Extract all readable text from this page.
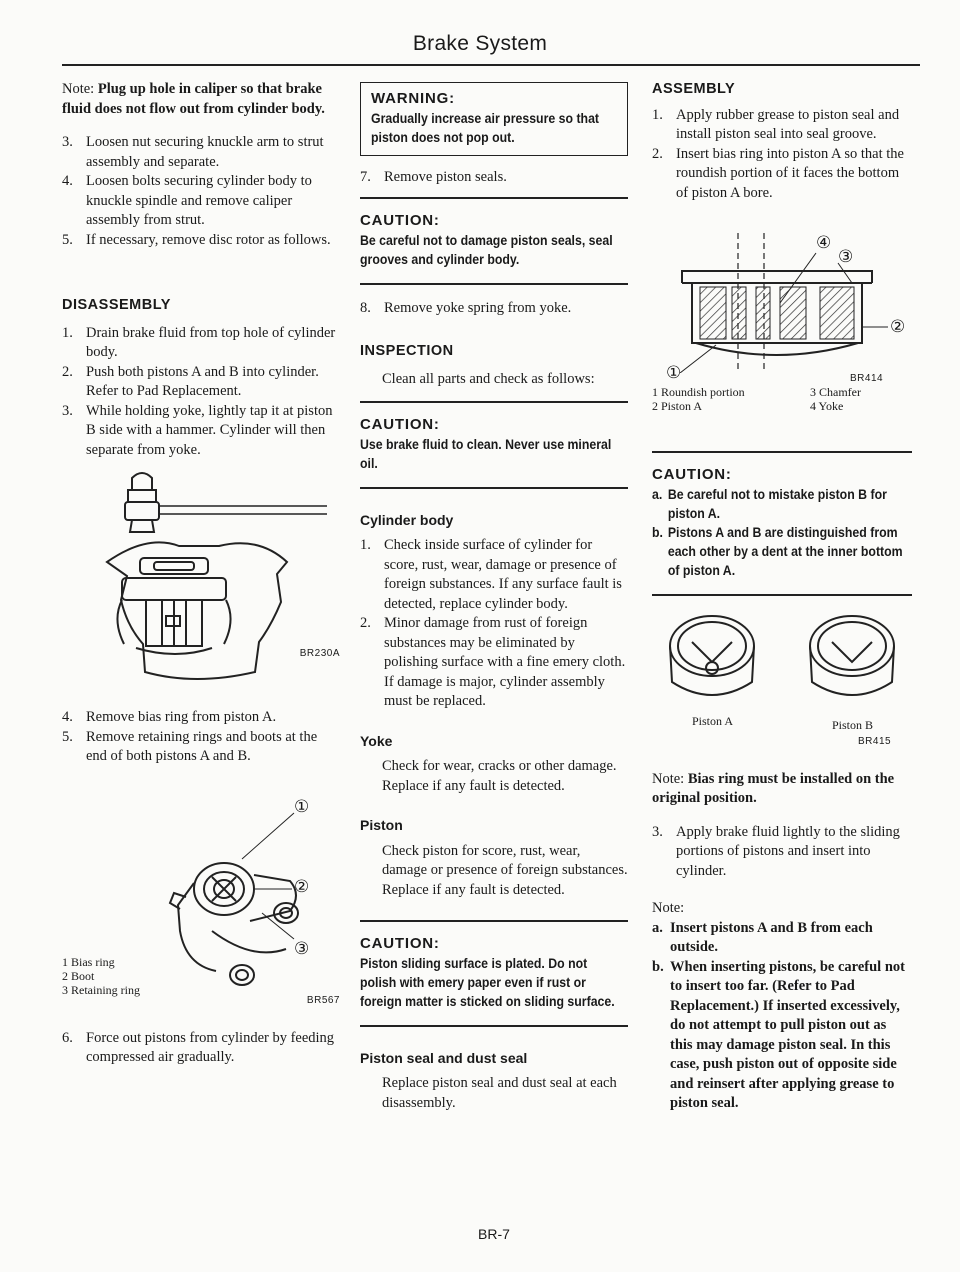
Brake System

Note: Plug up hole in caliper so that brake fluid does not flow out from cylinder body.

3. Loosen nut securing knuckle arm to strut assembly and separate.
4. Loosen bolts securing cylinder body to knuckle spindle and remove caliper assembly from strut.
5. If necessary, remove disc rotor as follows.
DISASSEMBLY
1. Drain brake fluid from top hole of cylinder body.
2. Push both pistons A and B into cylinder. Refer to Pad Replacement.
3. While holding yoke, lightly tap it at piston B side with a hammer. Cylinder will then separate from yoke.
BR230A
4. Remove bias ring from piston A.
5. Remove retaining rings and boots at the end of both pistons A and B.
①
②
③
1 Bias ring
2 Boot
3 Retaining ring
BR567
6. Force out pistons from cylinder by feeding compressed air gradually.
WARNING:
Gradually increase air pressure so that piston does not pop out.
7. Remove piston seals.
CAUTION:
Be careful not to damage piston seals, seal grooves and cylinder body.
8. Remove yoke spring from yoke.
INSPECTION

Clean all parts and check as follows:

CAUTION:
Use brake fluid to clean. Never use mineral oil.
Cylinder body
1. Check inside surface of cylinder for score, rust, wear, damage or presence of foreign substances. If any surface fault is detected, replace cylinder body.
2. Minor damage from rust of foreign substances may be eliminated by polishing surface with a fine emery cloth. If damage is major, cylinder assembly must be replaced.
Yoke

Check for wear, cracks or other damage. Replace if any fault is detected.

Piston

Check piston for score, rust, wear, damage or presence of foreign substances. Replace if any fault is detected.

CAUTION:
Piston sliding surface is plated. Do not polish with emery paper even if rust or foreign matter is sticked on sliding surface.
Piston seal and dust seal

Replace piston seal and dust seal at each disassembly.

ASSEMBLY
1. Apply rubber grease to piston seal and install piston seal into seal groove.
2. Insert bias ring into piston A so that the roundish portion of it faces the bottom of piston A bore.
④
③
②
①	BR414
1 Roundish portion
2 Piston A
3 Chamfer
4 Yoke
CAUTION:
a. Be careful not to mistake piston B for piston A.
b. Pistons A and B are distinguished from each other by a dent at the inner bottom of piston A.
Piston A	Piston B
BR415

Note: Bias ring must be installed on the original position.

3. Apply brake fluid lightly to the sliding portions of pistons and insert into cylinder.

Note:

a. Insert pistons A and B from each outside.
b. When inserting pistons, be careful not to insert too far. (Refer to Pad Replacement.) If inserted excessively, do not attempt to pull piston out as this may damage piston seal. In this case, push piston out of opposite side and reinsert after applying grease to piston seal.
BR-7
